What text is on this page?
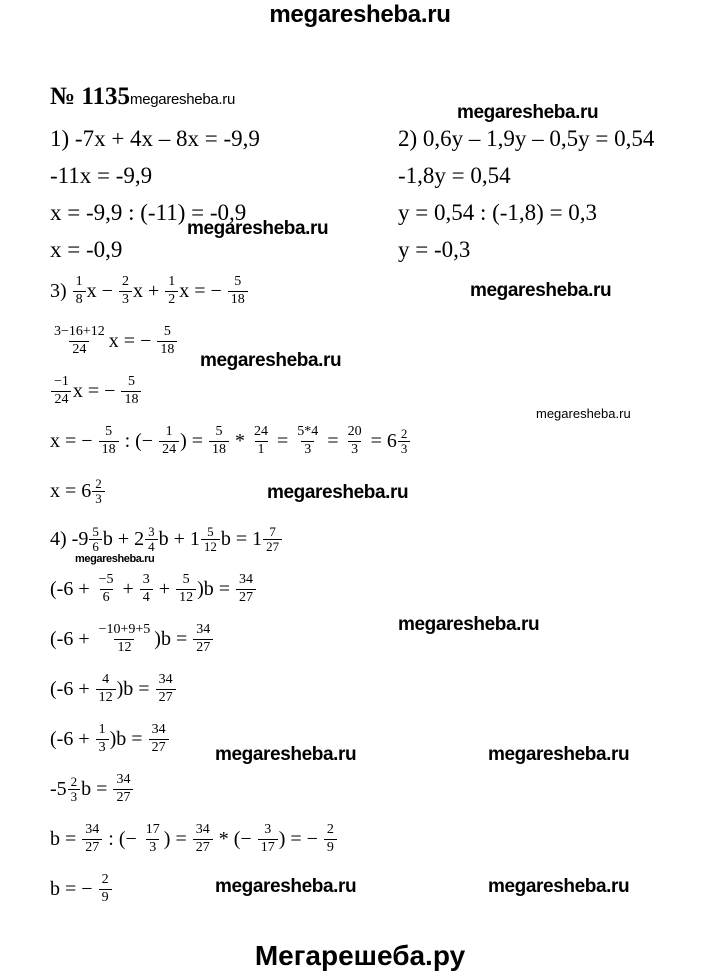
megaresheba.ru
№ 1135megaresheba.ru
1) -7x + 4x – 8x = -9,9
-11x = -9,9
x = -9,9 : (-11) = -0,9
x = -0,9
2) 0,6y – 1,9y – 0,5y = 0,54
-1,8y = 0,54
y = 0,54 : (-1,8) = 0,3
y = -0,3
$3) \frac{1}{8}$ $x - \frac{2}{3}$ $x + \frac{1}{2}$ x = − $\frac{5}{18}$
$\frac{3-16+12}{24}$ x = − $\frac{5}{18}$
$\frac{-1}{24}$ x = − $\frac{5}{18}$
x = − $\frac{5}{18}$ : (− $\frac{1}{24}$ ) = $\frac{5}{18} * \frac{24}{1} = \frac{5*4}{3} = \frac{20}{3} = 6 \frac{2}{3}$
$x = 6 \frac{2}{3}$
$4) - 9 \frac{5}{6}$ $b + 2 \frac{3}{4}$ $b + 1 \frac{5}{12}$ $b = 1 \frac{7}{27}$
$(-6 + \frac{-5}{6} + \frac{3}{4} + \frac{5}{12} )b = \frac{34}{27}$
$(-6 + \frac{-10+9+5}{12} )b = \frac{34}{27}$
$(-6 + \frac{4}{12} )b = \frac{34}{27}$
$(-6 + \frac{1}{3} )b = \frac{34}{27}$
- $5 \frac{2}{3}$ $b = \frac{34}{27}$
$b = \frac{34}{27}$ : (− $\frac{17}{3}$ ) = $\frac{34}{27}$ * (− $\frac{3}{17}$ ) = − $\frac{2}{9}$
b = − $\frac{2}{9}$
megaresheba.ru
megaresheba.ru
megaresheba.ru
megaresheba.ru
megaresheba.ru
megaresheba.ru
megaresheba.ru
megaresheba.ru
megaresheba.ru	megaresheba.ru
megaresheba.ru	megaresheba.ru
Мегарешеба.ру
